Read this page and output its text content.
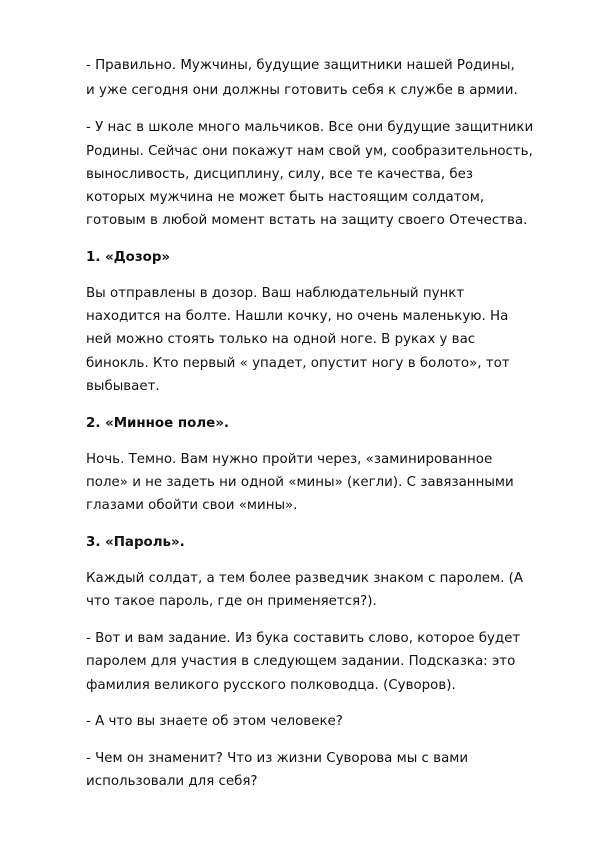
- Правильно. Мужчины, будущие защитники нашей Родины,

и уже сегодня они должны готовить себя к службе в армии.

- У нас в школе много мальчиков. Все они будущие защитники

Родины. Сейчас они покажут нам свой ум, сообразительность,

выносливость, дисциплину, силу, все те качества, без

которых мужчина не может быть настоящим солдатом,

готовым в любой момент встать на защиту своего Отечества.

1. «Дозор»

Вы отправлены в дозор. Ваш наблюдательный пункт

находится на болте. Нашли кочку, но очень маленькую. На

ней можно стоять только на одной ноге. В руках у вас

бинокль. Кто первый « упадет, опустит ногу в болото», тот

выбывает.

2. «Минное поле».

Ночь. Темно. Вам нужно пройти через, «заминированное

поле» и не задеть ни одной «мины» (кегли). С завязанными

глазами обойти свои «мины».

3. «Пароль».

Каждый солдат, а тем более разведчик знаком с паролем. (А

что такое пароль, где он применяется?).

- Вот и вам задание. Из бука составить слово, которое будет

паролем для участия в следующем задании. Подсказка: это

фамилия великого русского полководца. (Суворов).

- А что вы знаете об этом человеке?

- Чем он знаменит? Что из жизни Суворова мы с вами

использовали для себя?
